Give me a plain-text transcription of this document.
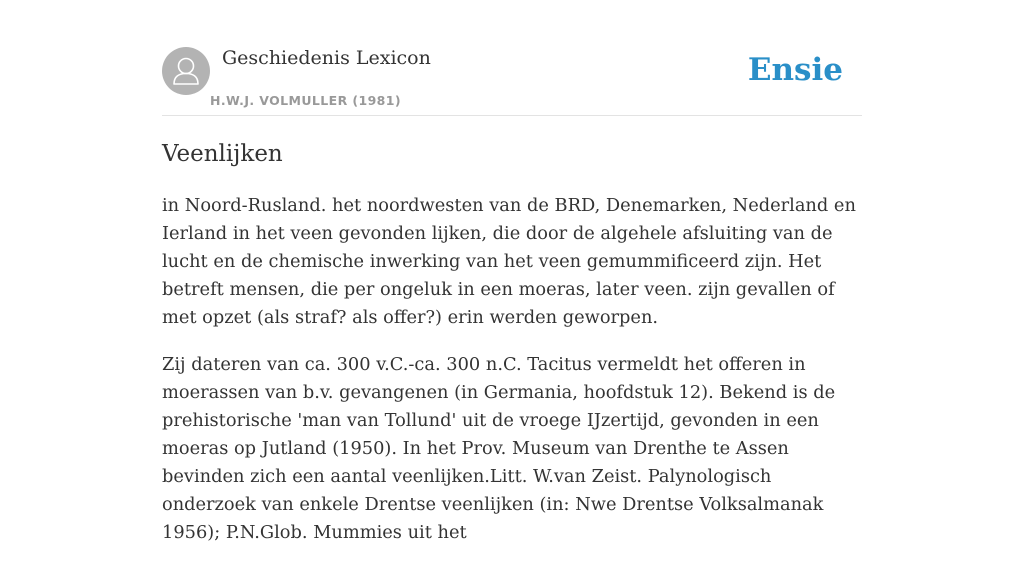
Geschiedenis Lexicon
H.W.J. VOLMULLER (1981)
Ensie
Veenlijken

in Noord-Rusland. het noordwesten van de BRD, Denemarken, Nederland en Ierland in het veen gevonden lijken, die door de algehele afsluiting van de lucht en de chemische inwerking van het veen gemummificeerd zijn. Het betreft mensen, die per ongeluk in een moeras, later veen. zijn gevallen of met opzet (als straf? als offer?) erin werden geworpen.

Zij dateren van ca. 300 v.C.-ca. 300 n.C. Tacitus vermeldt het offeren in moerassen van b.v. gevangenen (in Germania, hoofdstuk 12). Bekend is de prehistorische 'man van Tollund' uit de vroege IJzertijd, gevonden in een moeras op Jutland (1950). In het Prov. Museum van Drenthe te Assen bevinden zich een aantal veenlijken.Litt. W.van Zeist. Palynologisch onderzoek van enkele Drentse veenlijken (in: Nwe Drentse Volksalmanak 1956); P.N.Glob. Mummies uit het
